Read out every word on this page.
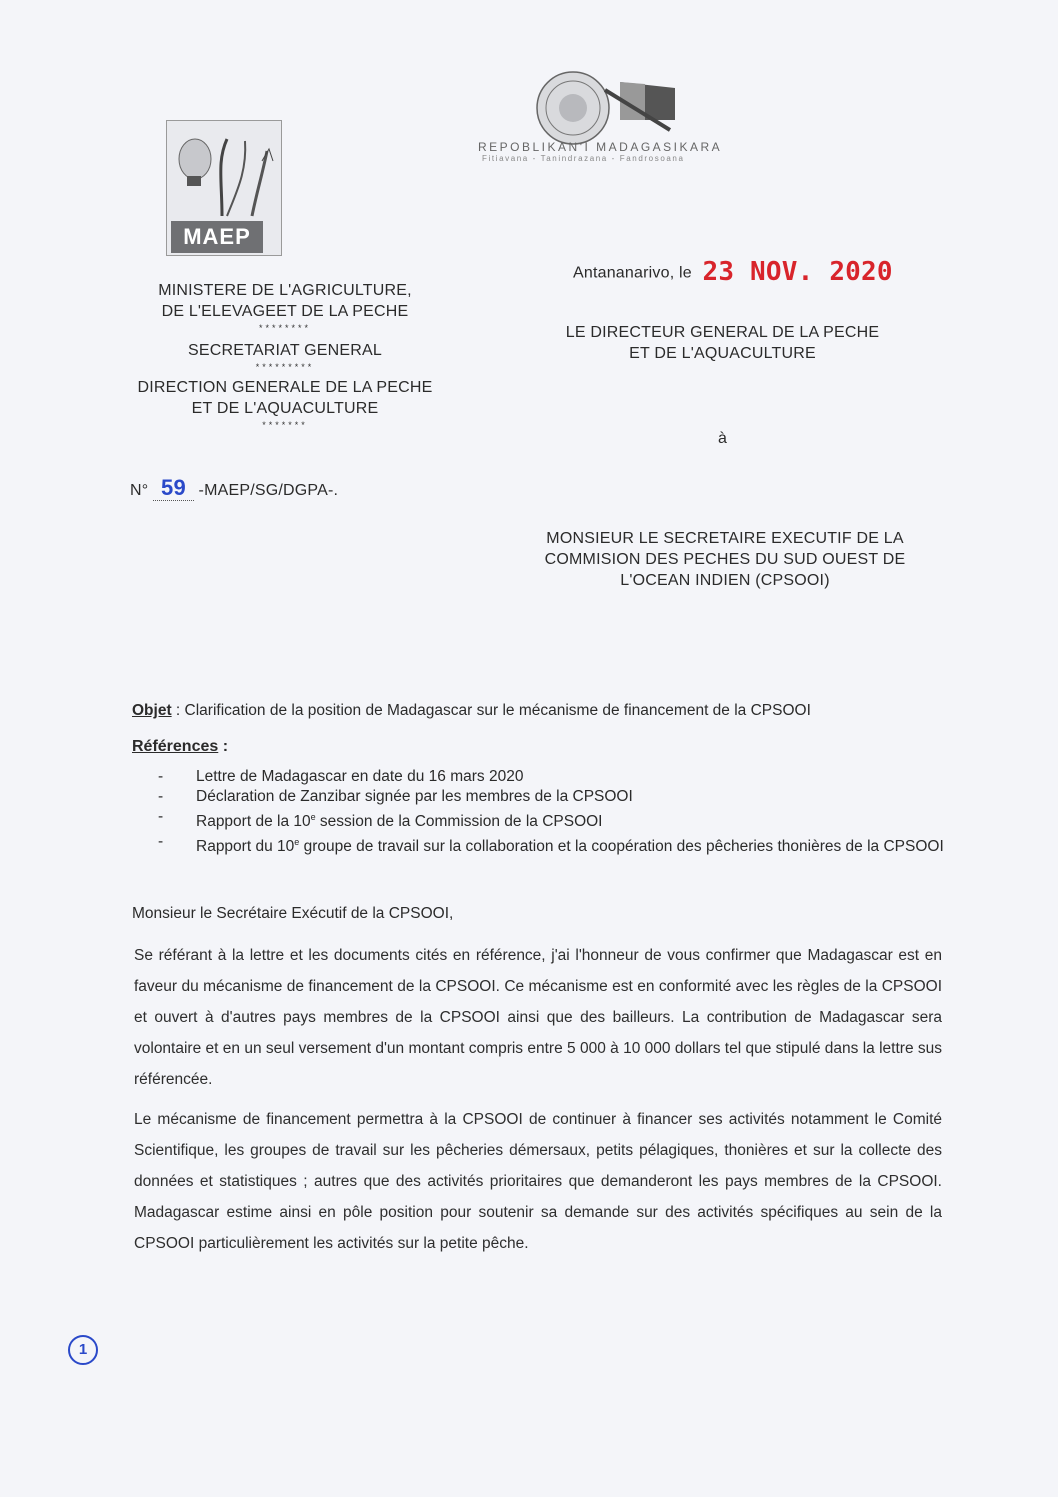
REPOBLIKAN'I MADAGASIKARA
Fitiavana - Tanindrazana - Fandrosoana
MAEP
MINISTERE DE L'AGRICULTURE,
DE L'ELEVAGEET DE LA PECHE
********
SECRETARIAT GENERAL
*********
DIRECTION GENERALE DE LA PECHE
ET DE L'AQUACULTURE
*******
N° 59 -MAEP/SG/DGPA-.
Antananarivo, le 23 NOV. 2020
LE DIRECTEUR GENERAL DE LA PECHE
ET DE L'AQUACULTURE
à
MONSIEUR LE SECRETAIRE EXECUTIF DE LA
COMMISION DES PECHES DU SUD OUEST DE
L'OCEAN INDIEN (CPSOOI)
Objet : Clarification de la position de Madagascar sur le mécanisme de financement de la CPSOOI
Références :
- Lettre de Madagascar en date du 16 mars 2020
- Déclaration de Zanzibar signée par les membres de la CPSOOI
- Rapport de la 10e session de la Commission de la CPSOOI
- Rapport du 10e groupe de travail sur la collaboration et la coopération des pêcheries thonières de la CPSOOI
Monsieur le Secrétaire Exécutif de la CPSOOI,

Se référant à la lettre et les documents cités en référence, j'ai l'honneur de vous confirmer que Madagascar est en faveur du mécanisme de financement de la CPSOOI. Ce mécanisme est en conformité avec les règles de la CPSOOI et ouvert à d'autres pays membres de la CPSOOI ainsi que des bailleurs. La contribution de Madagascar sera volontaire et en un seul versement d'un montant compris entre 5 000 à 10 000 dollars tel que stipulé dans la lettre sus référencée.

Le mécanisme de financement permettra à la CPSOOI de continuer à financer ses activités notamment le Comité Scientifique, les groupes de travail sur les pêcheries démersaux, petits pélagiques, thonières et sur la collecte des données et statistiques ; autres que des activités prioritaires que demanderont les pays membres de la CPSOOI. Madagascar estime ainsi en pôle position pour soutenir sa demande sur des activités spécifiques au sein de la CPSOOI particulièrement les activités sur la petite pêche.

1
